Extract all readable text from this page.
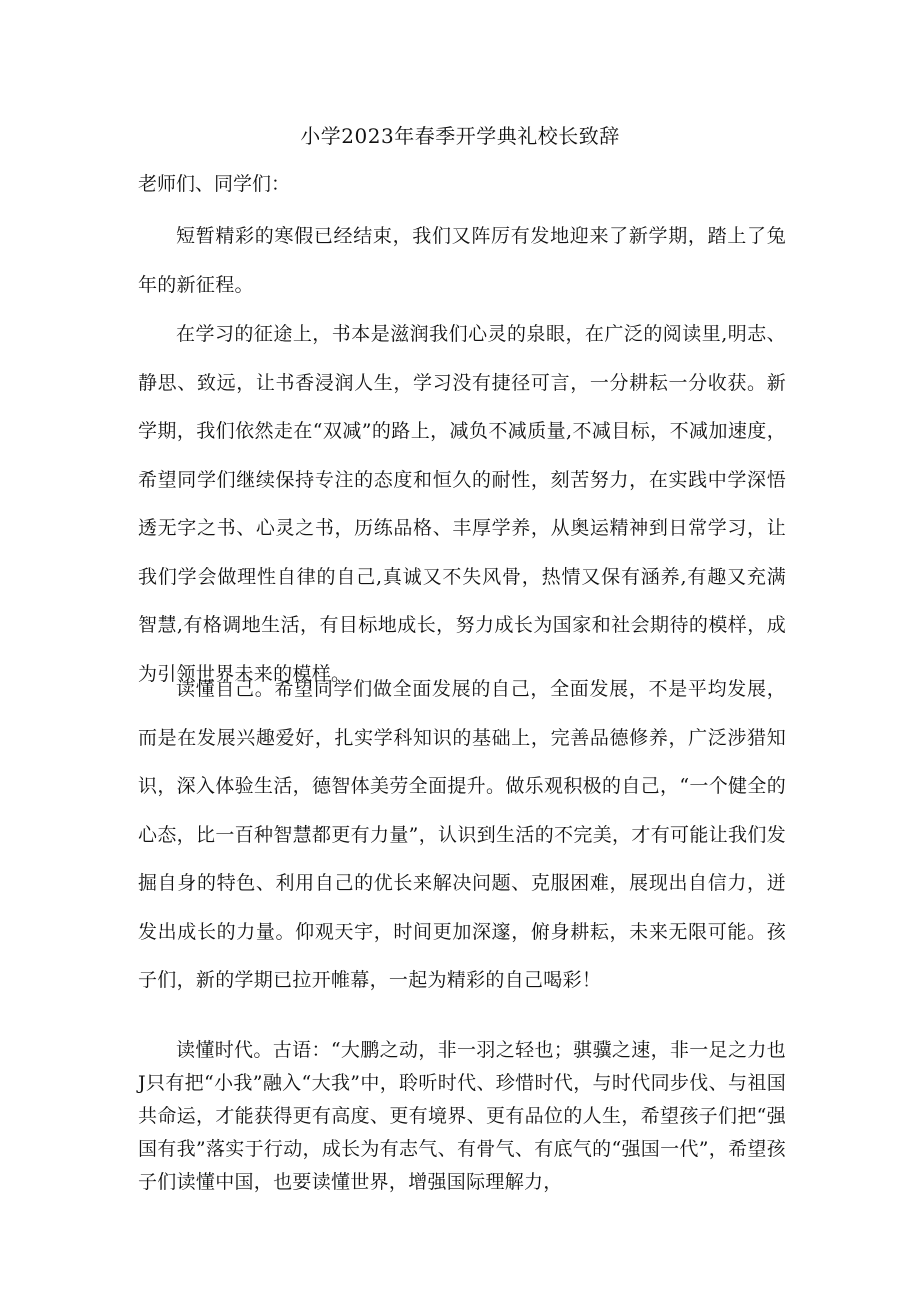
小学2023年春季开学典礼校长致辞
老师们、同学们：

短暂精彩的寒假已经结束，我们又阵厉有发地迎来了新学期，踏上了兔年的新征程。

在学习的征途上，书本是滋润我们心灵的泉眼，在广泛的阅读里,明志、静思、致远，让书香浸润人生，学习没有捷径可言，一分耕耘一分收获。新学期，我们依然走在“双减”的路上，减负不减质量,不减目标，不减加速度，希望同学们继续保持专注的态度和恒久的耐性，刻苦努力，在实践中学深悟透无字之书、心灵之书，历练品格、丰厚学养，从奥运精神到日常学习，让我们学会做理性自律的自己,真诚又不失风骨，热情又保有涵养,有趣又充满智慧,有格调地生活，有目标地成长，努力成长为国家和社会期待的模样，成为引领世界未来的模样。

读懂自己。希望同学们做全面发展的自己，全面发展，不是平均发展，而是在发展兴趣爱好，扎实学科知识的基础上，完善品德修养，广泛涉猎知识，深入体验生活，德智体美劳全面提升。做乐观积极的自己，“一个健全的心态，比一百种智慧都更有力量”，认识到生活的不完美，才有可能让我们发掘自身的特色、利用自己的优长来解决问题、克服困难，展现出自信力，迸发出成长的力量。仰观天宇，时间更加深邃，俯身耕耘，未来无限可能。孩子们，新的学期已拉开帷幕，一起为精彩的自己喝彩！

读懂时代。古语：“大鹏之动，非一羽之轻也；骐骥之速，非一足之力也J只有把“小我”融入“大我”中，聆听时代、珍惜时代，与时代同步伐、与祖国共命运，才能获得更有高度、更有境界、更有品位的人生，希望孩子们把“强国有我”落实于行动，成长为有志气、有骨气、有底气的“强国一代”，希望孩子们读懂中国，也要读懂世界，增强国际理解力，
